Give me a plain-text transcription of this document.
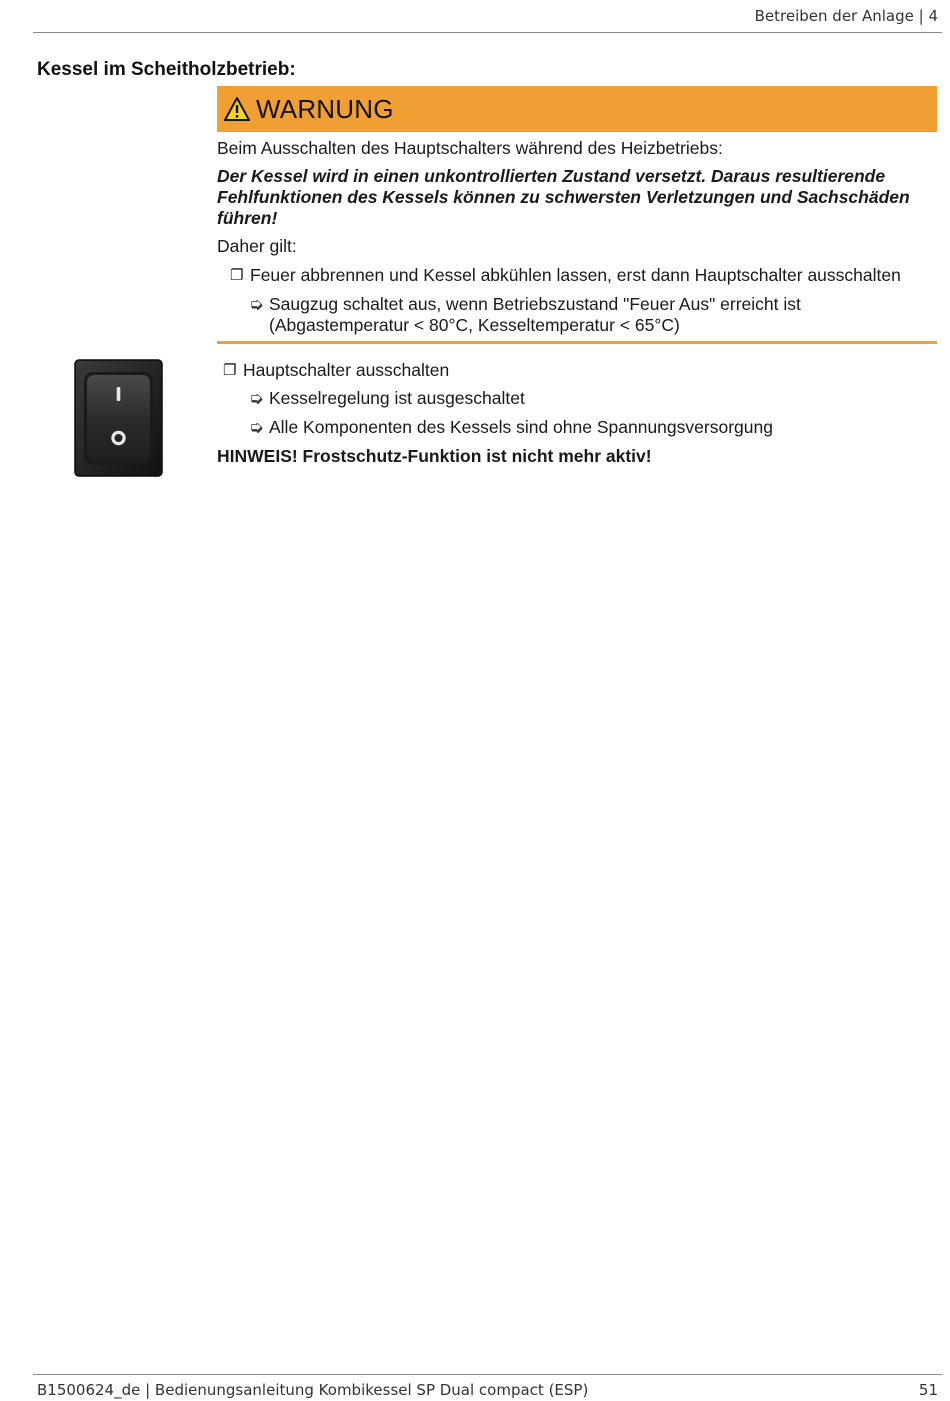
Betreiben der Anlage | 4
Kessel im Scheitholzbetrieb:
WARNUNG

Beim Ausschalten des Hauptschalters während des Heizbetriebs:

Der Kessel wird in einen unkontrollierten Zustand versetzt. Daraus resultierende
Fehlfunktionen des Kessels können zu schwersten Verletzungen und Sachschäden
führen!
Daher gilt:
❐ Feuer abbrennen und Kessel abkühlen lassen, erst dann Hauptschalter ausschalten
➭ Saugzug schaltet aus, wenn Betriebszustand "Feuer Aus" erreicht ist
(Abgastemperatur < 80°C, Kesseltemperatur < 65°C)
❐ Hauptschalter ausschalten
➭ Kesselregelung ist ausgeschaltet
➭ Alle Komponenten des Kessels sind ohne Spannungsversorgung
HINWEIS! Frostschutz-Funktion ist nicht mehr aktiv!
B1500624_de | Bedienungsanleitung Kombikessel SP Dual compact (ESP)	51
